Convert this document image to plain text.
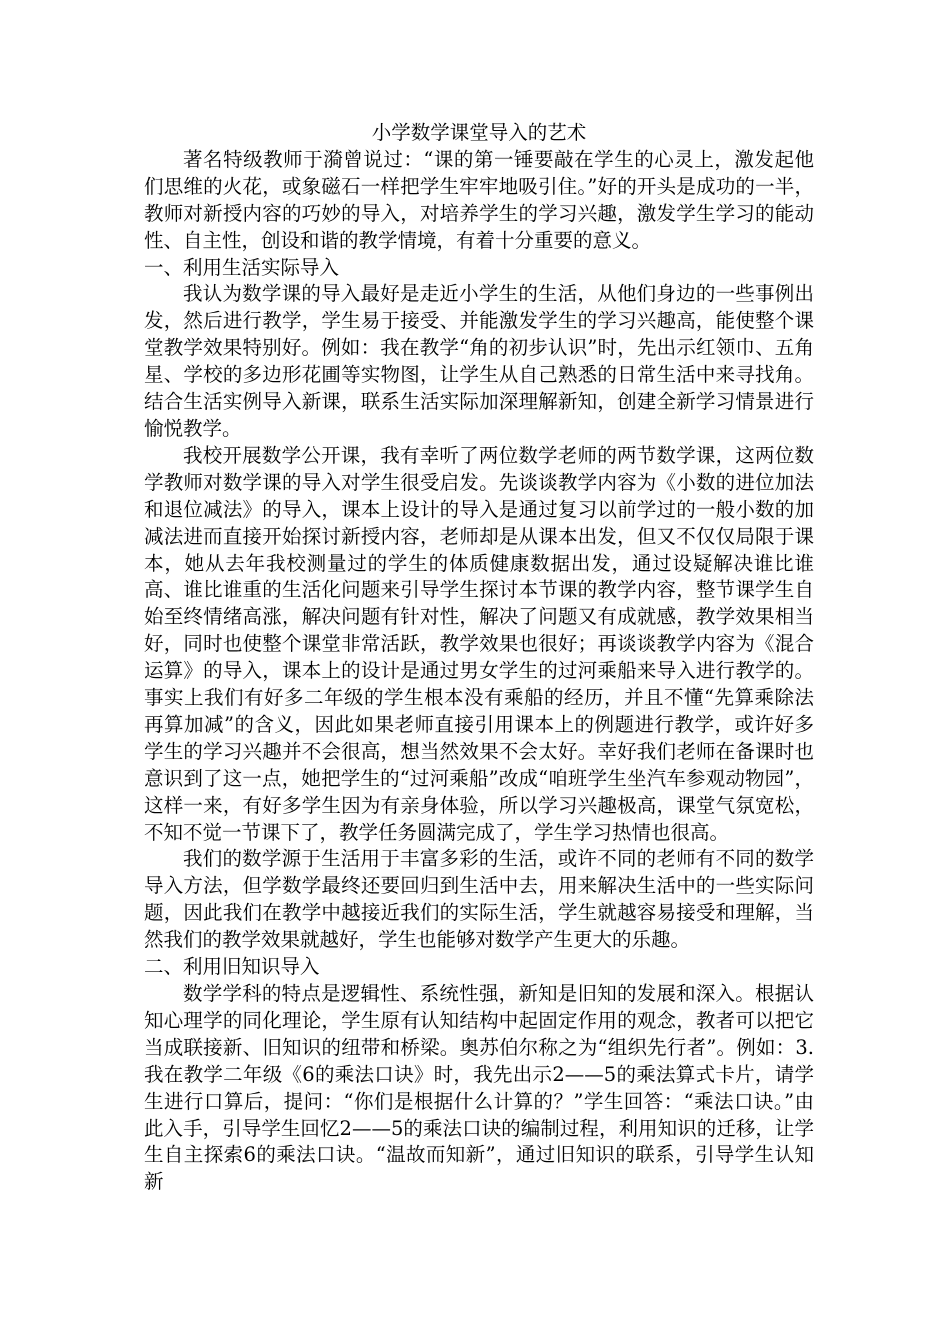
小学数学课堂导入的艺术

著名特级教师于漪曾说过：“课的第一锤要敲在学生的心灵上，激发起他们思维的火花，或象磁石一样把学生牢牢地吸引住。”好的开头是成功的一半，教师对新授内容的巧妙的导入，对培养学生的学习兴趣，激发学生学习的能动性、自主性，创设和谐的教学情境，有着十分重要的意义。

一、利用生活实际导入

我认为数学课的导入最好是走近小学生的生活，从他们身边的一些事例出发，然后进行教学，学生易于接受、并能激发学生的学习兴趣高，能使整个课堂教学效果特别好。例如：我在教学“角的初步认识”时，先出示红领巾、五角星、学校的多边形花圃等实物图，让学生从自己熟悉的日常生活中来寻找角。结合生活实例导入新课，联系生活实际加深理解新知，创建全新学习情景进行愉悦教学。

我校开展数学公开课，我有幸听了两位数学老师的两节数学课，这两位数学教师对数学课的导入对学生很受启发。先谈谈教学内容为《小数的进位加法和退位减法》的导入，课本上设计的导入是通过复习以前学过的一般小数的加减法进而直接开始探讨新授内容，老师却是从课本出发，但又不仅仅局限于课本，她从去年我校测量过的学生的体质健康数据出发，通过设疑解决谁比谁高、谁比谁重的生活化问题来引导学生探讨本节课的教学内容，整节课学生自始至终情绪高涨，解决问题有针对性，解决了问题又有成就感，教学效果相当好，同时也使整个课堂非常活跃，教学效果也很好；再谈谈教学内容为《混合运算》的导入，课本上的设计是通过男女学生的过河乘船来导入进行教学的。事实上我们有好多二年级的学生根本没有乘船的经历，并且不懂“先算乘除法再算加减”的含义，因此如果老师直接引用课本上的例题进行教学，或许好多学生的学习兴趣并不会很高，想当然效果不会太好。幸好我们老师在备课时也意识到了这一点，她把学生的“过河乘船”改成“咱班学生坐汽车参观动物园”，这样一来，有好多学生因为有亲身体验，所以学习兴趣极高，课堂气氛宽松，不知不觉一节课下了，教学任务圆满完成了，学生学习热情也很高。

我们的数学源于生活用于丰富多彩的生活，或许不同的老师有不同的数学导入方法，但学数学最终还要回归到生活中去，用来解决生活中的一些实际问题，因此我们在教学中越接近我们的实际生活，学生就越容易接受和理解，当然我们的教学效果就越好，学生也能够对数学产生更大的乐趣。

二、利用旧知识导入

数学学科的特点是逻辑性、系统性强，新知是旧知的发展和深入。根据认知心理学的同化理论，学生原有认知结构中起固定作用的观念，教者可以把它当成联接新、旧知识的纽带和桥梁。奥苏伯尔称之为“组织先行者”。例如：3.我在教学二年级《6的乘法口诀》时，我先出示2——5的乘法算式卡片，请学生进行口算后，提问：“你们是根据什么计算的？”学生回答：“乘法口诀。”由此入手，引导学生回忆2——5的乘法口诀的编制过程，利用知识的迁移，让学生自主探索6的乘法口诀。“温故而知新”，通过旧知识的联系，引导学生认知新
